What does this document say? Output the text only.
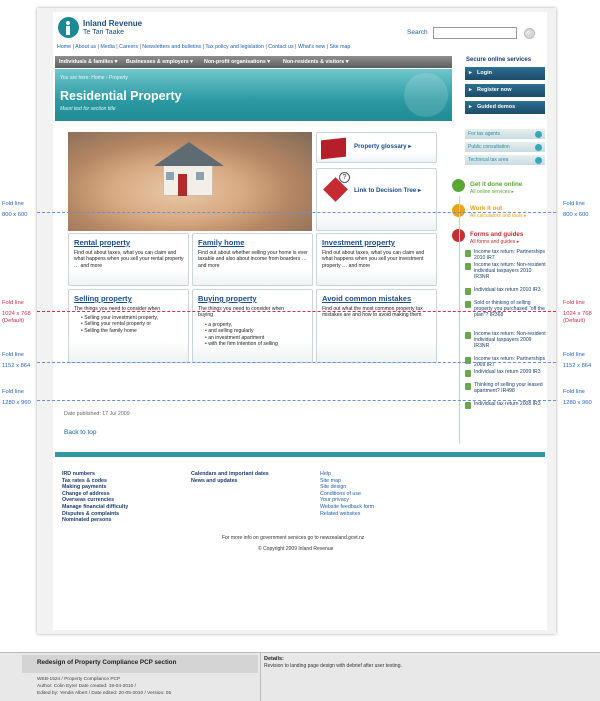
Inland Revenue
Te Tari Taake	Search	⌕
Home | About us | Media | Careers | Newsletters and bulletins | Tax policy and legislation | Contact us | What's new | Site map
Individuals & families ▾ Businesses & employers ▾ Non-profit organisations ▾ Non-residents & visitors ▾
You are here: Home › Property
Residential Property
Maori text for section title
Secure online services
Login
▸
Register now
▸
Guided demos
▸
For tax agents
Public consultation
Technical tax area
Get it done online
All online services ▸
Work it out
All calculators and tools ▸
Forms and guides
All forms and guides ▸
Income tax return: Partnerships 2010 IR7
Income tax return: Non-resident individual taxpayers 2010 IR3NR
Individual tax return 2010 IR3
Sold or thinking of selling property you purchased "off the plan"? IR368
Income tax return: Non-resident individual taxpayers 2009 IR3NR
Income tax return: Partnerships 2009 IR7
Individual tax return 2009 IR3
Thinking of selling your leased apartment? IR498
Individual tax return 2008 IR3
Property glossary ▸
?
Link to Decision Tree ▸
Rental property
Find out about taxes, what you can claim and what happens when you sell your rental property … and more
Family home
Find out about whether selling your home is ever taxable and also about income from boarders … and more
Investment property
Find out about taxes, what you can claim and what happens when you sell your investment property … and more
Selling property
The things you need to consider when
• Selling your investment property,
• Selling your rental property or
• Selling the family home
Buying property
The things you need to consider when buying
• a property,
• and selling regularly
• an investment apartment
• with the firm intention of selling
Avoid common mistakes
Find out what the most common property tax mistakes are and how to avoid making them.
Date published: 17 Jul 2009
Back to top
Fold line
800 x 600
Fold line
800 x 600
Fold line
1024 x 768
(Default)
Fold line
1024 x 768
(Default)
Fold line
1152 x 864
Fold line
1152 x 864
Fold line
1280 x 960
Fold line
1280 x 960
IRD numbers
Tax rates & codes
Making payments
Change of address
Overseas currencies
Manage financial difficulty
Disputes & complaints
Nominated persons
Calendars and important dates
News and updates
Help
Site map
Site design
Conditions of use
Your privacy
Website feedback form
Related websites
For more info on government services go to newzealand.govt.nz
© Copyright 2009 Inland Revenue
Redesign of Property Compliance PCP section	Details:
Revision to landing page design with debrief after user testing.
WEB-1524 / Property Compliance PCP
Author: Colin Eyre/ Date created: 19-04-2010 /
Edited by: Yendis Albert / Date edited: 20-05-2010 / Version: 05
